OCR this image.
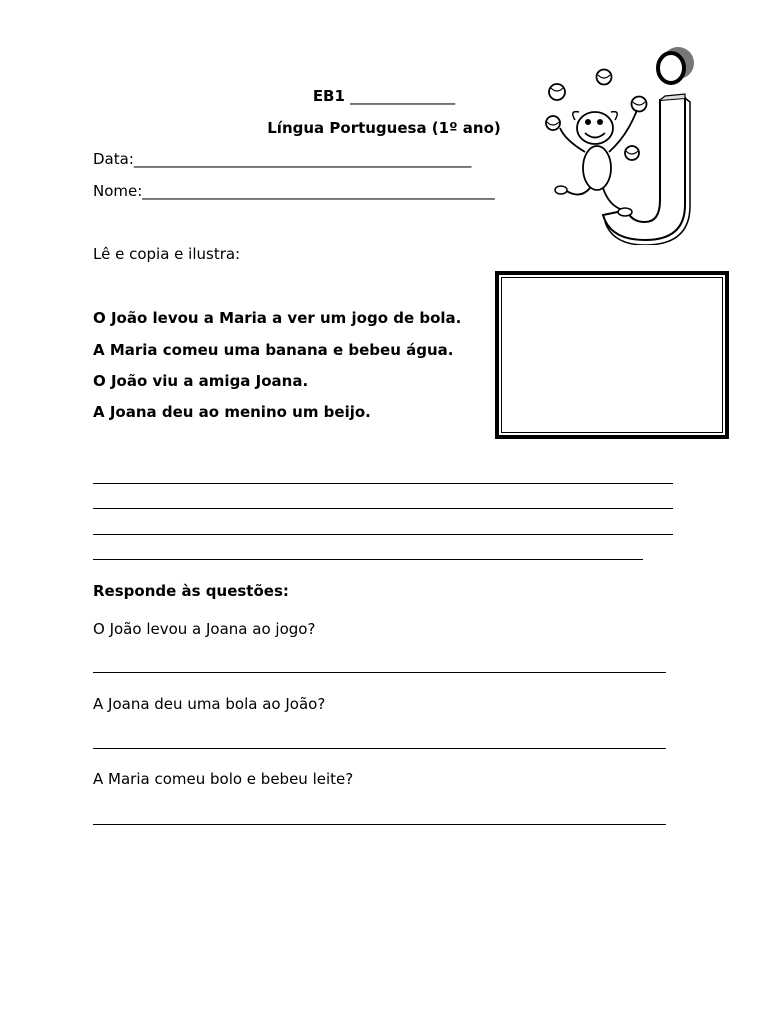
EB1 ______________
Língua Portuguesa (1º ano)
Data:_____________________________________________
Nome:_______________________________________________
Lê e copia e ilustra:
O João levou a Maria a ver um jogo de bola.
A Maria comeu uma banana e bebeu água.
O João viu a amiga Joana.
A Joana deu ao menino um beijo.
Responde às questões:
O João levou a Joana ao jogo?
A Joana deu uma bola ao João?
A Maria comeu bolo e bebeu leite?
